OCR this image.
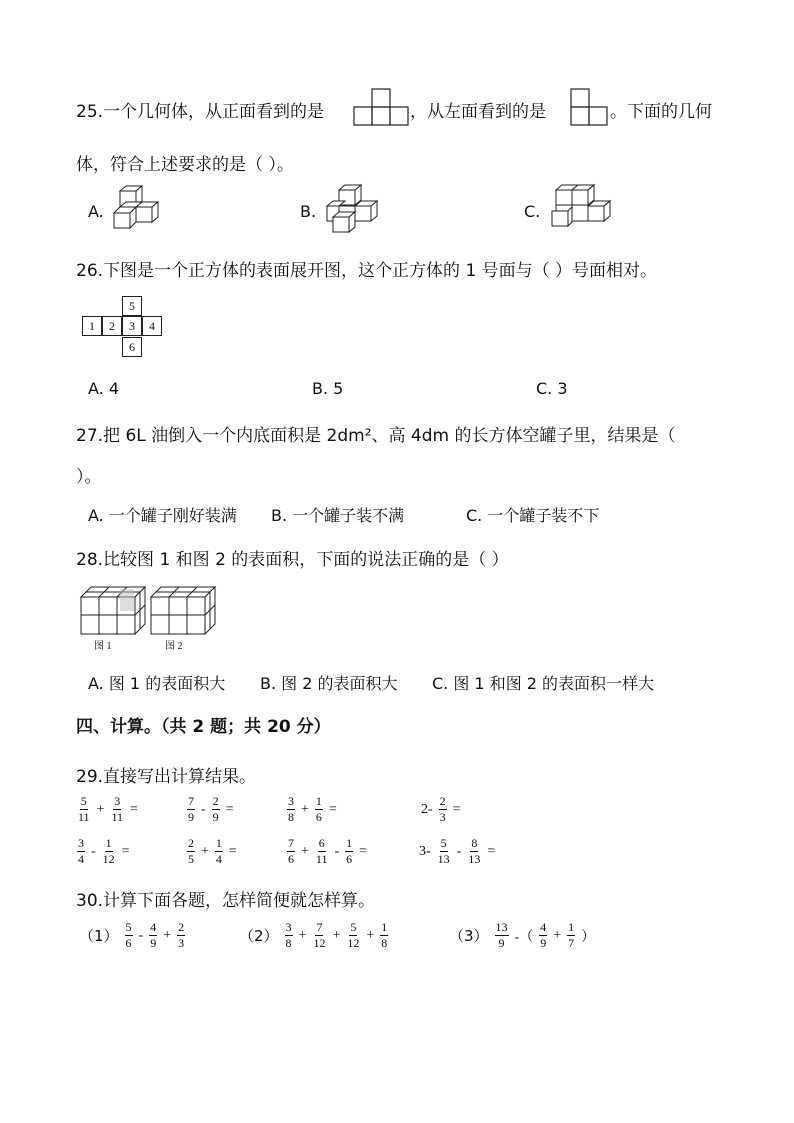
25.一个几何体，从正面看到的是	，从左面看到的是	。下面的几何
体，符合上述要求的是（ ）。
A.	B.	C.
26.下图是一个正方体的表面展开图，这个正方体的 1 号面与（ ）号面相对。
5
1	2	3	4
6
A. 4	B. 5	C. 3
27.把 6L 油倒入一个内底面积是 2dm²、高 4dm 的长方体空罐子里，结果是（
）。
A. 一个罐子刚好装满 B. 一个罐子装不满	C. 一个罐子装不下
28.比较图 1 和图 2 的表面积，下面的说法正确的是（ ）
图 1	图 2
A. 图 1 的表面积大 B. 图 2 的表面积大 C. 图 1 和图 2 的表面积一样大
四、计算。（共 2 题；共 20 分）
29.直接写出计算结果。
$\frac{5}{11} + \frac{3}{11}$ =	$\frac{7}{9} - \frac{2}{9}$ =	$\frac{3}{8} + \frac{1}{6}$ =	$2- \frac{2}{3}$ =
$\frac{3}{4} - \frac{1}{12}$ =	$\frac{2}{5} + \frac{1}{4}$ =	$\frac{7}{6} + \frac{6}{11} - \frac{1}{6}$ =	$3- \frac{5}{13} - \frac{8}{13}$ =
30.计算下面各题，怎样简便就怎样算。
$(1) \frac{5}{6} - \frac{4}{9} + \frac{2}{3}$	$(2) \frac{3}{8} + \frac{7}{12} + \frac{5}{12} + \frac{1}{8}$	$(3) \frac{13}{9}$ -（ $\frac{4}{9} + \frac{1}{7}$ ）
